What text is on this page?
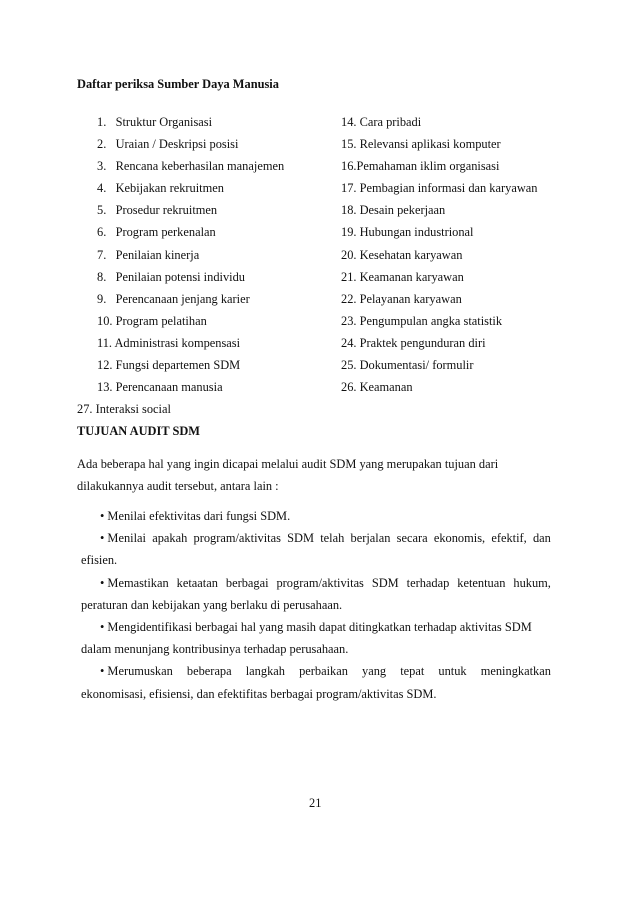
Daftar periksa Sumber Daya Manusia
1.   Struktur Organisasi
2.   Uraian / Deskripsi posisi
3.   Rencana keberhasilan manajemen
4.   Kebijakan rekruitmen
5.   Prosedur rekruitmen
6.   Program perkenalan
7.   Penilaian kinerja
8.   Penilaian potensi individu
9.   Perencanaan jenjang karier
10. Program pelatihan
11. Administrasi kompensasi
12. Fungsi departemen SDM
13. Perencanaan manusia
14. Cara pribadi
15. Relevansi aplikasi komputer
16.Pemahaman iklim organisasi
17. Pembagian informasi dan karyawan
18. Desain pekerjaan
19. Hubungan industrional
20. Kesehatan karyawan
21. Keamanan karyawan
22. Pelayanan karyawan
23. Pengumpulan angka statistik
24. Praktek pengunduran diri
25. Dokumentasi/ formulir
26. Keamanan
27. Interaksi social
TUJUAN AUDIT SDM
Ada beberapa hal yang ingin dicapai melalui audit SDM yang merupakan tujuan dari
dilakukannya audit tersebut, antara lain :
• Menilai efektivitas dari fungsi SDM.
• Menilai apakah program/aktivitas SDM telah berjalan secara ekonomis, efektif, dan
efisien.
• Memastikan ketaatan berbagai program/aktivitas SDM terhadap ketentuan hukum,
peraturan dan kebijakan yang berlaku di perusahaan.
• Mengidentifikasi berbagai hal yang masih dapat ditingkatkan terhadap aktivitas SDM
dalam menunjang kontribusinya terhadap perusahaan.
• Merumuskan beberapa langkah perbaikan yang tepat untuk meningkatkan
ekonomisasi, efisiensi, dan efektifitas berbagai program/aktivitas SDM.
21
